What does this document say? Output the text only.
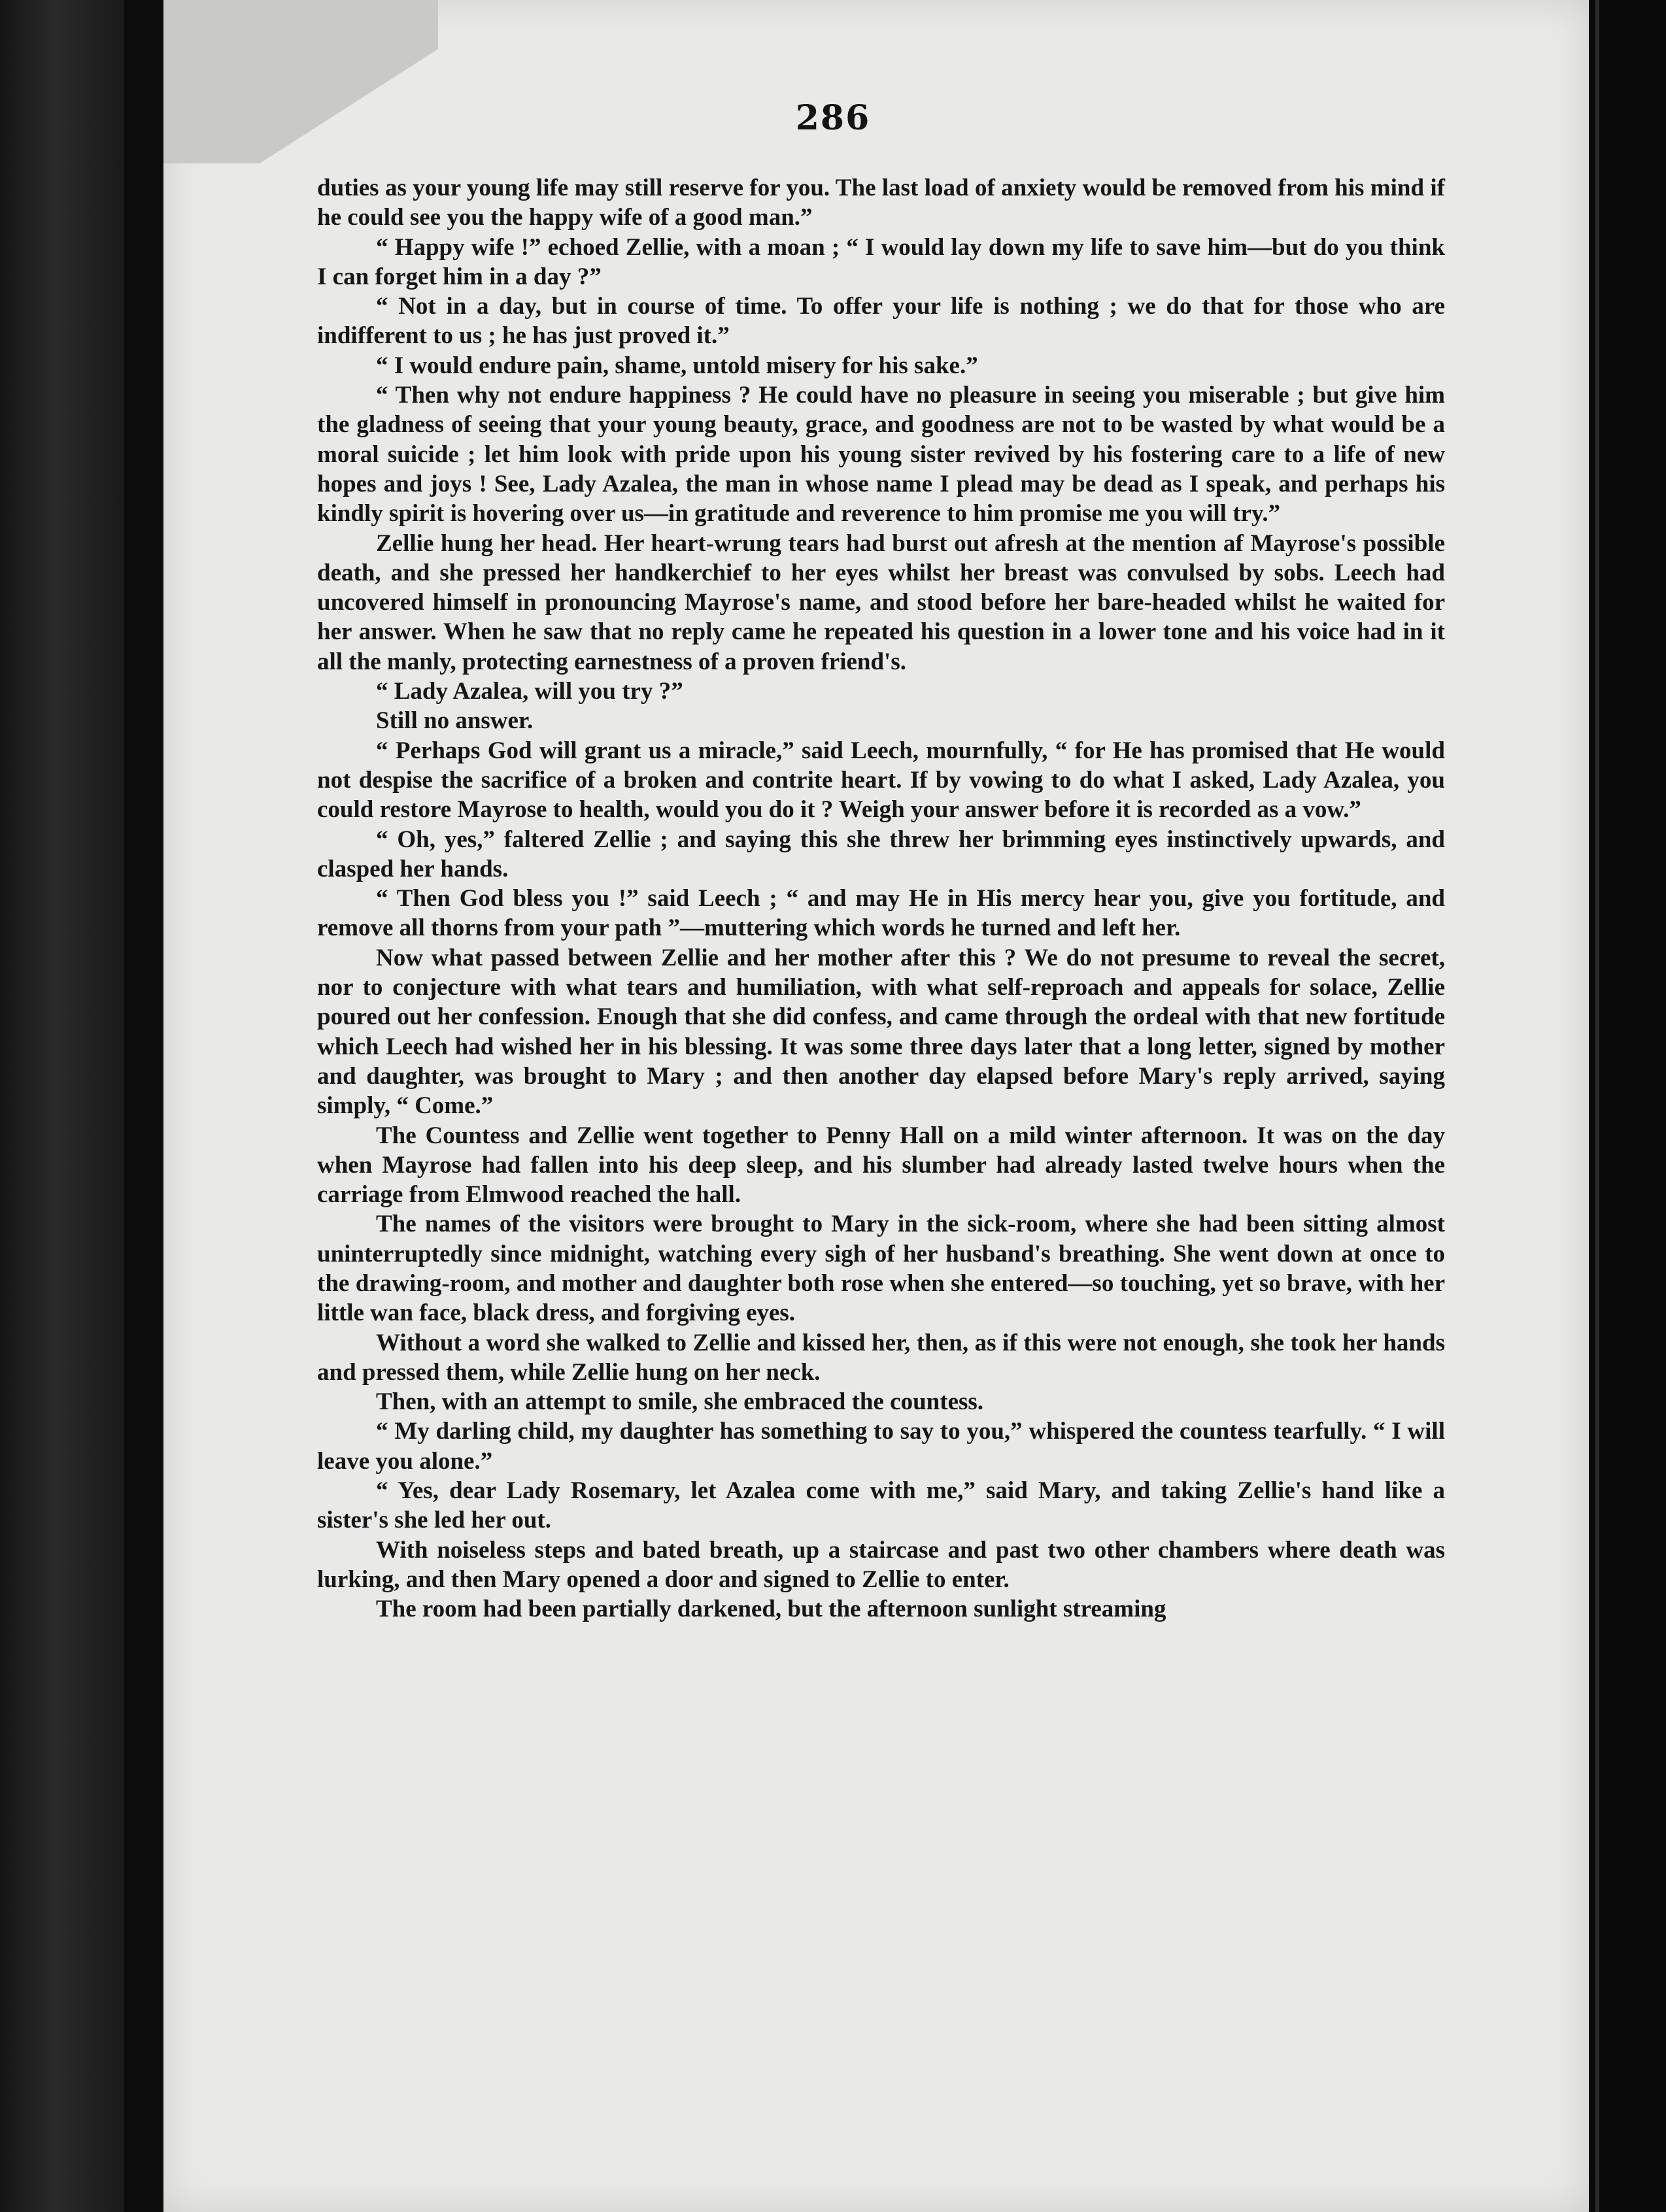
286

duties as your young life may still reserve for you. The last load of anxiety would be removed from his mind if he could see you the happy wife of a good man.”

“ Happy wife !” echoed Zellie, with a moan ; “ I would lay down my life to save him—but do you think I can forget him in a day ?”

“ Not in a day, but in course of time. To offer your life is nothing ; we do that for those who are indifferent to us ; he has just proved it.”

“ I would endure pain, shame, untold misery for his sake.”

“ Then why not endure happiness ? He could have no pleasure in seeing you miserable ; but give him the gladness of seeing that your young beauty, grace, and goodness are not to be wasted by what would be a moral suicide ; let him look with pride upon his young sister revived by his fostering care to a life of new hopes and joys ! See, Lady Azalea, the man in whose name I plead may be dead as I speak, and perhaps his kindly spirit is hovering over us—in gratitude and reverence to him promise me you will try.”

Zellie hung her head. Her heart-wrung tears had burst out afresh at the mention af Mayrose's possible death, and she pressed her handkerchief to her eyes whilst her breast was convulsed by sobs. Leech had uncovered himself in pronouncing Mayrose's name, and stood before her bare-headed whilst he waited for her answer. When he saw that no reply came he repeated his question in a lower tone and his voice had in it all the manly, protecting earnestness of a proven friend's.

“ Lady Azalea, will you try ?”

Still no answer.

“ Perhaps God will grant us a miracle,” said Leech, mournfully, “ for He has promised that He would not despise the sacrifice of a broken and contrite heart. If by vowing to do what I asked, Lady Azalea, you could restore Mayrose to health, would you do it ? Weigh your answer before it is recorded as a vow.”

“ Oh, yes,” faltered Zellie ; and saying this she threw her brimming eyes instinctively upwards, and clasped her hands.

“ Then God bless you !” said Leech ; “ and may He in His mercy hear you, give you fortitude, and remove all thorns from your path ”—muttering which words he turned and left her.

Now what passed between Zellie and her mother after this ? We do not presume to reveal the secret, nor to conjecture with what tears and humiliation, with what self-reproach and appeals for solace, Zellie poured out her confession. Enough that she did confess, and came through the ordeal with that new fortitude which Leech had wished her in his blessing. It was some three days later that a long letter, signed by mother and daughter, was brought to Mary ; and then another day elapsed before Mary's reply arrived, saying simply, “ Come.”

The Countess and Zellie went together to Penny Hall on a mild winter afternoon. It was on the day when Mayrose had fallen into his deep sleep, and his slumber had already lasted twelve hours when the carriage from Elmwood reached the hall.

The names of the visitors were brought to Mary in the sick-room, where she had been sitting almost uninterruptedly since midnight, watching every sigh of her husband's breathing. She went down at once to the drawing-room, and mother and daughter both rose when she entered—so touching, yet so brave, with her little wan face, black dress, and forgiving eyes.

Without a word she walked to Zellie and kissed her, then, as if this were not enough, she took her hands and pressed them, while Zellie hung on her neck.

Then, with an attempt to smile, she embraced the countess.

“ My darling child, my daughter has something to say to you,” whispered the countess tearfully. “ I will leave you alone.”

“ Yes, dear Lady Rosemary, let Azalea come with me,” said Mary, and taking Zellie's hand like a sister's she led her out.

With noiseless steps and bated breath, up a staircase and past two other chambers where death was lurking, and then Mary opened a door and signed to Zellie to enter.

The room had been partially darkened, but the afternoon sunlight streaming
